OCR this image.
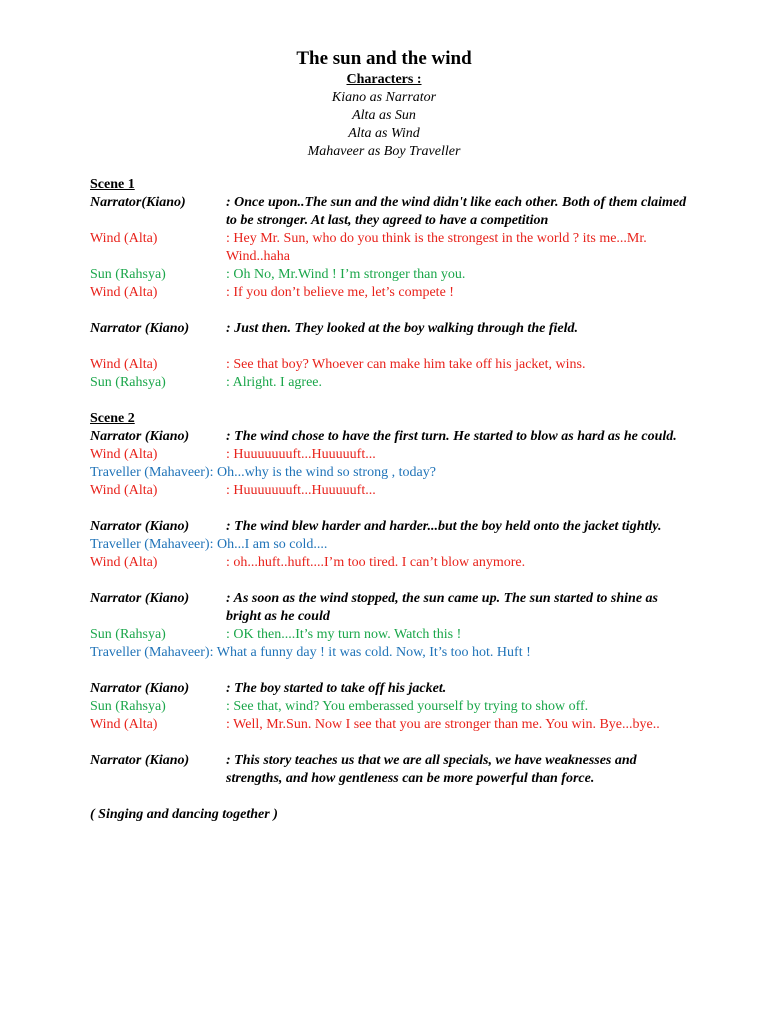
The sun and the wind
Characters :
Kiano as Narrator
Alta as Sun
Alta as Wind
Mahaveer as Boy Traveller
Scene 1
Narrator(Kiano)	: Once upon..The sun and the wind didn't like each other. Both of them claimed to be stronger. At last, they agreed to have a competition
Wind (Alta)	: Hey Mr. Sun, who do you think is the strongest in the world ? its me...Mr. Wind..haha
Sun (Rahsya)	: Oh No, Mr.Wind ! I’m stronger than you.
Wind (Alta)	: If you don’t believe me, let’s compete !
Narrator (Kiano)	: Just then. They looked at the boy walking through the field.
Wind (Alta)	: See that boy? Whoever can make him take off his jacket, wins.
Sun (Rahsya)	: Alright. I agree.
Scene 2
Narrator (Kiano)	: The wind chose to have the first turn. He started to blow as hard as he could.
Wind (Alta)	: Huuuuuuuft...Huuuuuft...
Traveller (Mahaveer): Oh...why is the wind so strong , today?
Wind (Alta)	: Huuuuuuuft...Huuuuuft...
Narrator (Kiano)	: The wind blew harder and harder...but the boy held onto the jacket tightly.
Traveller (Mahaveer): Oh...I am so cold....
Wind (Alta)	: oh...huft..huft....I’m too tired. I can’t blow anymore.
Narrator (Kiano)	: As soon as the wind stopped, the sun came up. The sun started to shine as bright as he could
Sun (Rahsya)	: OK then....It’s my turn now. Watch this !
Traveller (Mahaveer): What a funny day ! it was cold. Now, It’s too hot. Huft !
Narrator (Kiano)	: The boy started to take off his jacket.
Sun (Rahsya)	: See that, wind? You emberassed yourself by trying to show off.
Wind (Alta)	: Well, Mr.Sun. Now I see that you are stronger than me. You win. Bye...bye..
Narrator (Kiano)	: This story teaches us that we are all specials, we have weaknesses and strengths, and how gentleness can be more powerful than force.
( Singing and dancing together )
